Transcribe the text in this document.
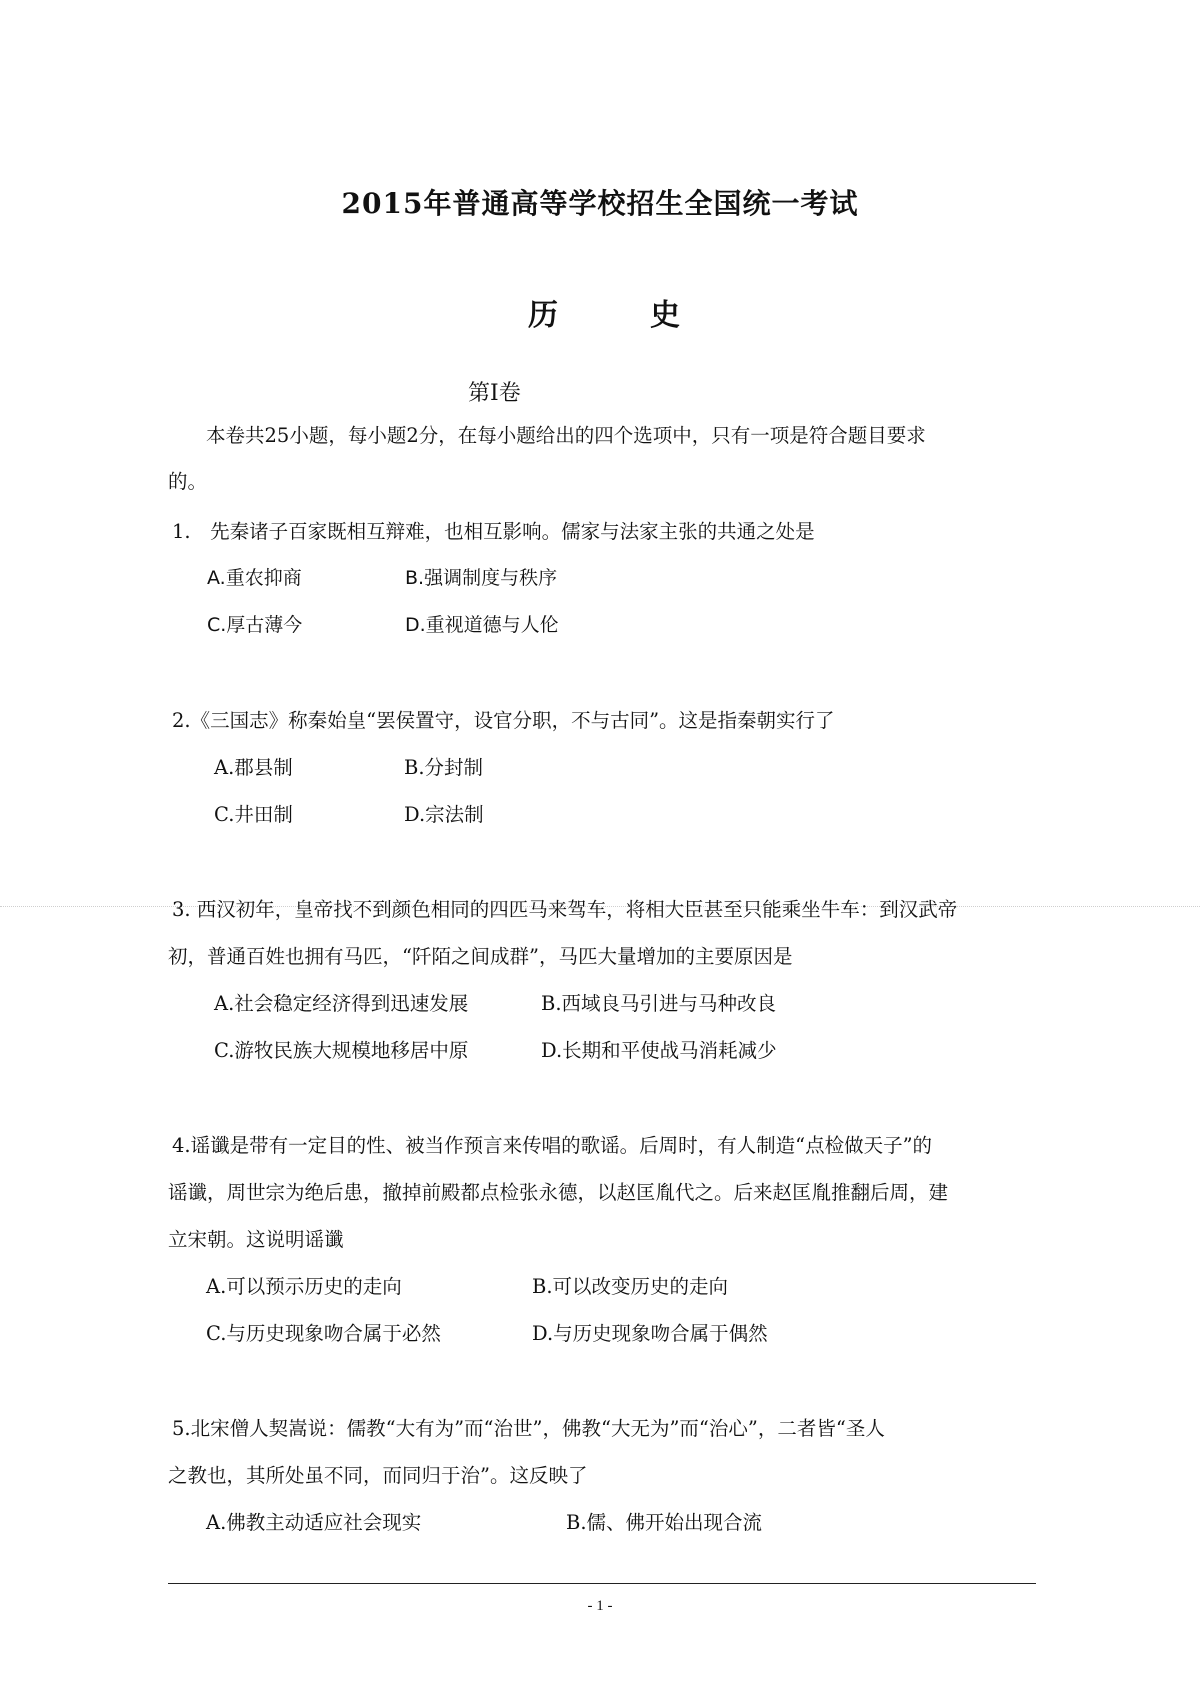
2015年普通高等学校招生全国统一考试
历	史
第I卷
本卷共25小题，每小题2分，在每小题给出的四个选项中，只有一项是符合题目要求
的。
1.　先秦诸子百家既相互辩难，也相互影响。儒家与法家主张的共通之处是
A.重农抑商	B.强调制度与秩序
C.厚古薄今	D.重视道德与人伦
2.《三国志》称秦始皇“罢侯置守，设官分职，不与古同”。这是指秦朝实行了
A.郡县制	B.分封制
C.井田制	D.宗法制
3. 西汉初年，皇帝找不到颜色相同的四匹马来驾车，将相大臣甚至只能乘坐牛车：到汉武帝
初，普通百姓也拥有马匹，“阡陌之间成群”，马匹大量增加的主要原因是
A.社会稳定经济得到迅速发展	B.西域良马引进与马种改良
C.游牧民族大规模地移居中原	D.长期和平使战马消耗减少
4.谣谶是带有一定目的性、被当作预言来传唱的歌谣。后周时，有人制造“点检做天子”的
谣谶，周世宗为绝后患，撤掉前殿都点检张永德，以赵匡胤代之。后来赵匡胤推翻后周，建
立宋朝。这说明谣谶
A.可以预示历史的走向	B.可以改变历史的走向
C.与历史现象吻合属于必然	D.与历史现象吻合属于偶然
5.北宋僧人契嵩说：儒教“大有为”而“治世”，佛教“大无为”而“治心”，二者皆“圣人
之教也，其所处虽不同，而同归于治”。这反映了
A.佛教主动适应社会现实	B.儒、佛开始出现合流
- 1 -
